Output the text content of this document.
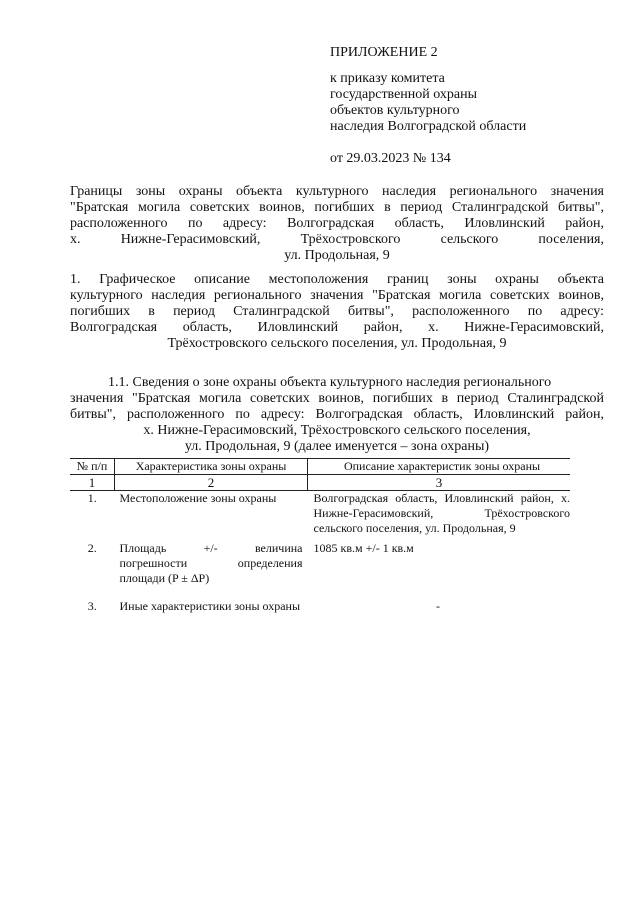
ПРИЛОЖЕНИЕ 2
к приказу комитета
государственной охраны
объектов культурного
наследия Волгоградской области
от 29.03.2023 № 134
Границы зоны охраны объекта культурного наследия регионального значения
"Братская могила советских воинов, погибших в период Сталинградской битвы",
расположенного по адресу: Волгоградская область, Иловлинский район,
х. Нижне-Герасимовский, Трёхостровского сельского поселения,
ул. Продольная, 9
1. Графическое описание местоположения границ зоны охраны объекта
культурного наследия регионального значения "Братская могила советских воинов,
погибших в период Сталинградской битвы", расположенного по адресу:
Волгоградская область, Иловлинский район, х. Нижне-Герасимовский,
Трёхостровского сельского поселения, ул. Продольная, 9
1.1. Сведения о зоне охраны объекта культурного наследия регионального
значения "Братская могила советских воинов, погибших в период Сталинградской
битвы", расположенного по адресу: Волгоградская область, Иловлинский район,
х. Нижне-Герасимовский, Трёхостровского сельского поселения,
ул. Продольная, 9 (далее именуется – зона охраны)
№ п/п	Характеристика зоны охраны	Описание характеристик зоны охраны
1	2	3
1.	Местоположение зоны охраны	Волгоградская область, Иловлинский район, х. Нижне-Герасимовский, Трёхостровского сельского поселения, ул. Продольная, 9
2.	Площадь +/- величина погрешности определения площади (P ± ΔP)	1085 кв.м +/- 1 кв.м
3.	Иные характеристики зоны охраны		-
